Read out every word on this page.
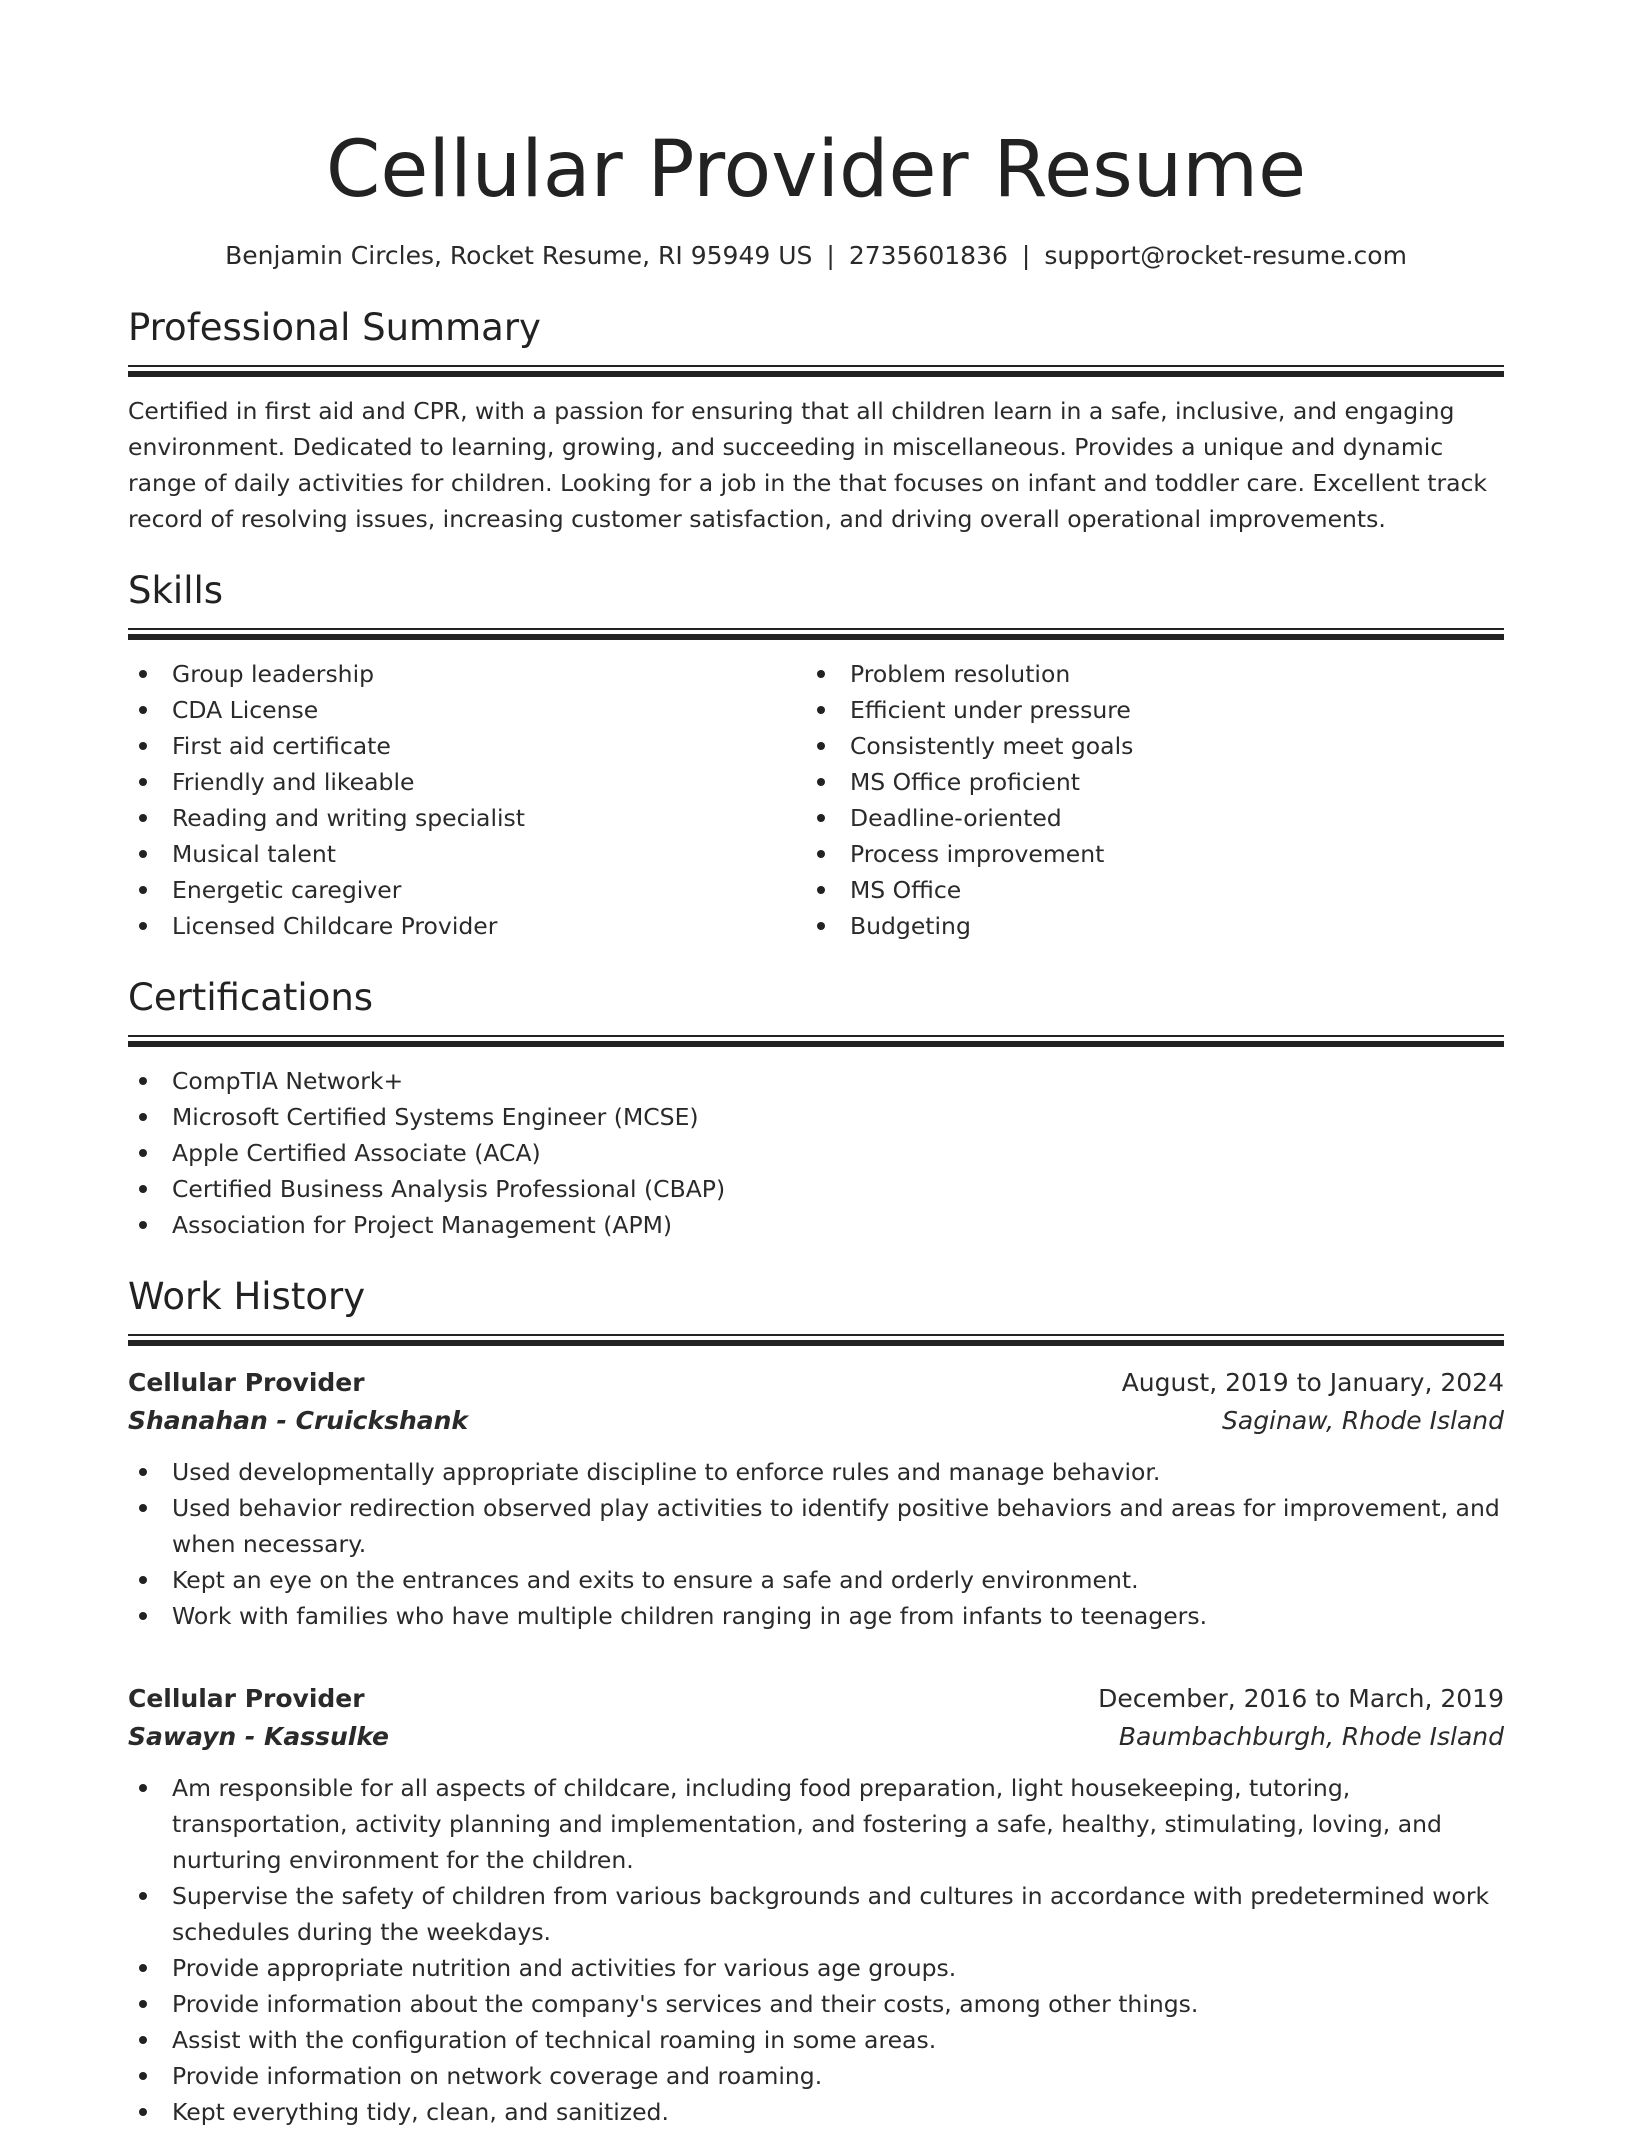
Cellular Provider Resume
Benjamin Circles, Rocket Resume, RI 95949 US | 2735601836 | support@rocket-resume.com
Professional Summary

Certified in first aid and CPR, with a passion for ensuring that all children learn in a safe, inclusive, and engaging environment. Dedicated to learning, growing, and succeeding in miscellaneous. Provides a unique and dynamic range of daily activities for children. Looking for a job in the that focuses on infant and toddler care. Excellent track record of resolving issues, increasing customer satisfaction, and driving overall operational improvements.

Skills
Group leadership
CDA License
First aid certificate
Friendly and likeable
Reading and writing specialist
Musical talent
Energetic caregiver
Licensed Childcare Provider
Problem resolution
Efficient under pressure
Consistently meet goals
MS Office proficient
Deadline-oriented
Process improvement
MS Office
Budgeting
Certifications
CompTIA Network+
Microsoft Certified Systems Engineer (MCSE)
Apple Certified Associate (ACA)
Certified Business Analysis Professional (CBAP)
Association for Project Management (APM)
Work History
Cellular Provider	August, 2019 to January, 2024
Shanahan - Cruickshank	Saginaw, Rhode Island
Used developmentally appropriate discipline to enforce rules and manage behavior.
Used behavior redirection observed play activities to identify positive behaviors and areas for improvement, and when necessary.
Kept an eye on the entrances and exits to ensure a safe and orderly environment.
Work with families who have multiple children ranging in age from infants to teenagers.
Cellular Provider	December, 2016 to March, 2019
Sawayn - Kassulke	Baumbachburgh, Rhode Island
Am responsible for all aspects of childcare, including food preparation, light housekeeping, tutoring, transportation, activity planning and implementation, and fostering a safe, healthy, stimulating, loving, and nurturing environment for the children.
Supervise the safety of children from various backgrounds and cultures in accordance with predetermined work schedules during the weekdays.
Provide appropriate nutrition and activities for various age groups.
Provide information about the company's services and their costs, among other things.
Assist with the configuration of technical roaming in some areas.
Provide information on network coverage and roaming.
Kept everything tidy, clean, and sanitized.
